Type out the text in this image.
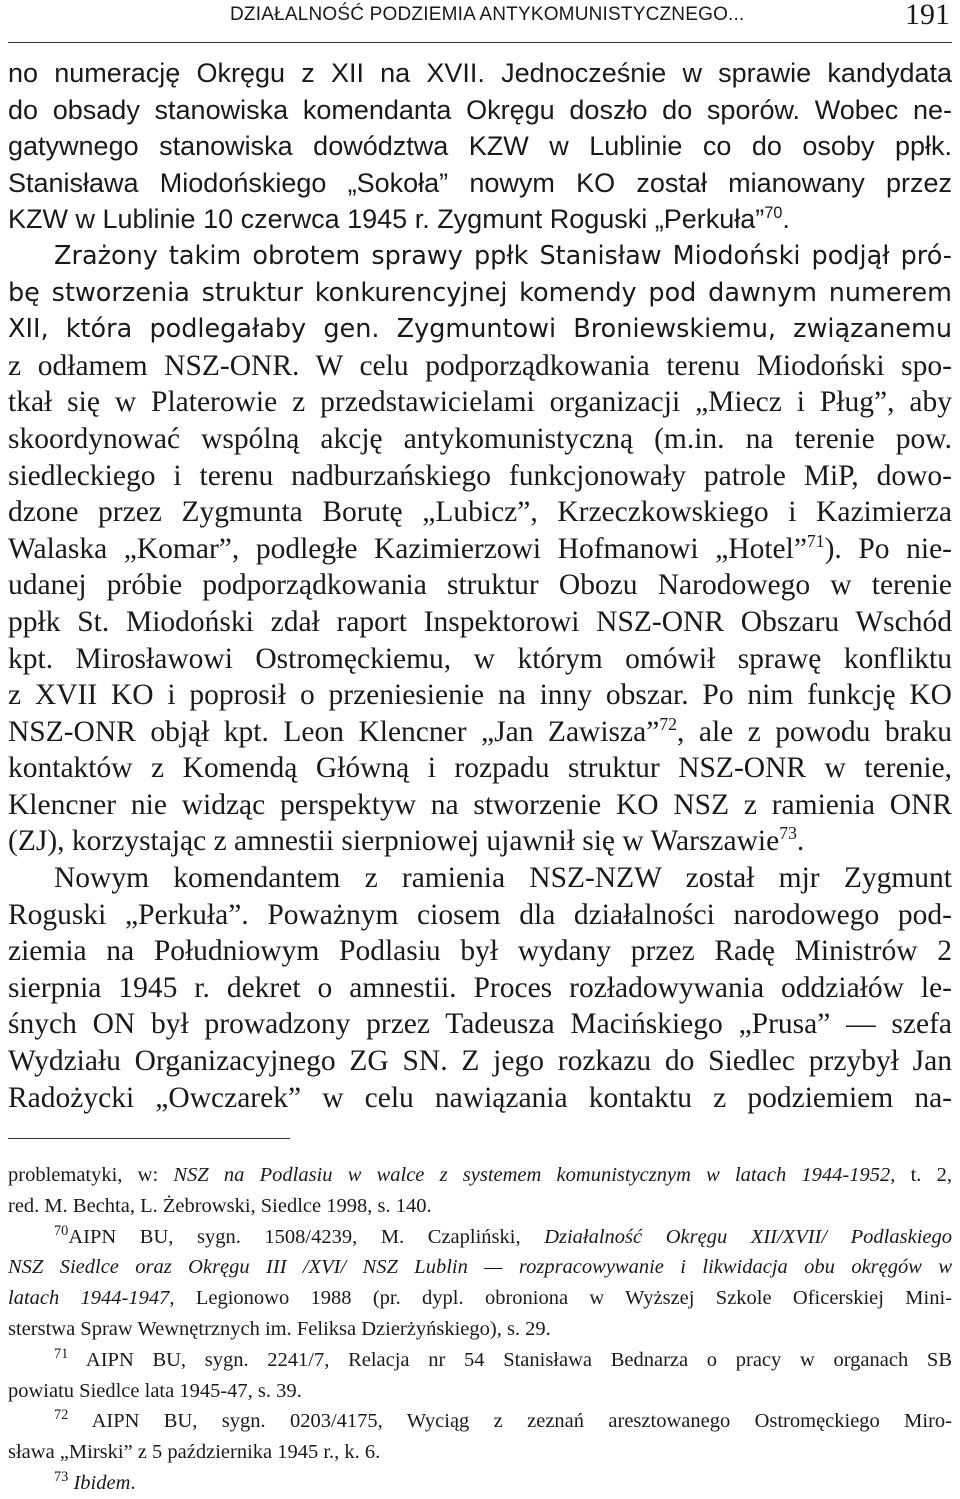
DZIAŁALNOŚĆ PODZIEMIA ANTYKOMUNISTYCZNEGO...	191

no numerację Okręgu z XII na XVII. Jednocześnie w sprawie kandydata

do obsady stanowiska komendanta Okręgu doszło do sporów. Wobec ne-

gatywnego stanowiska dowództwa KZW w Lublinie co do osoby ppłk.

Stanisława Miodońskiego „Sokoła” nowym KO został mianowany przez

KZW w Lublinie 10 czerwca 1945 r. Zygmunt Roguski „Perkuła”$^{70}$.

Zrażony takim obrotem sprawy ppłk Stanisław Miodoński podjął pró-

bę stworzenia struktur konkurencyjnej komendy pod dawnym numerem

XII, która podlegałaby gen. Zygmuntowi Broniewskiemu, związanemu

z odłamem NSZ-ONR. W celu podporządkowania terenu Miodoński spo-

tkał się w Platerowie z przedstawicielami organizacji „Miecz i Pług”, aby

skoordynować wspólną akcję antykomunistyczną (m.in. na terenie pow.

siedleckiego i terenu nadburzańskiego funkcjonowały patrole MiP, dowo-

dzone przez Zygmunta Borutę „Lubicz”, Krzeczkowskiego i Kazimierza

Walaska „Komar”, podległe Kazimierzowi Hofmanowi „Hotel”$^{71}$). Po nie-

udanej próbie podporządkowania struktur Obozu Narodowego w terenie

ppłk St. Miodoński zdał raport Inspektorowi NSZ-ONR Obszaru Wschód

kpt. Mirosławowi Ostromęckiemu, w którym omówił sprawę konfliktu

z XVII KO i poprosił o przeniesienie na inny obszar. Po nim funkcję KO

NSZ-ONR objął kpt. Leon Klencner „Jan Zawisza”$^{72}$, ale z powodu braku

kontaktów z Komendą Główną i rozpadu struktur NSZ-ONR w terenie,

Klencner nie widząc perspektyw na stworzenie KO NSZ z ramienia ONR

(ZJ), korzystając z amnestii sierpniowej ujawnił się w Warszawie$^{73}$.

Nowym komendantem z ramienia NSZ-NZW został mjr Zygmunt

Roguski „Perkuła”. Poważnym ciosem dla działalności narodowego pod-

ziemia na Południowym Podlasiu był wydany przez Radę Ministrów 2

sierpnia 1945 r. dekret o amnestii. Proces rozładowywania oddziałów le-

śnych ON był prowadzony przez Tadeusza Macińskiego „Prusa” — szefa

Wydziału Organizacyjnego ZG SN. Z jego rozkazu do Siedlec przybył Jan

Radożycki „Owczarek” w celu nawiązania kontaktu z podziemiem na-

problematyki, w: NSZ na Podlasiu w walce z systemem komunistycznym w latach 1944-1952, t. 2,

red. M. Bechta, L. Żebrowski, Siedlce 1998, s. 140.

$^{70}$AIPN BU, sygn. 1508/4239, M. Czapliński, Działalność Okręgu XII/XVII/ Podlaskiego

NSZ Siedlce oraz Okręgu III /XVI/ NSZ Lublin — rozpracowywanie i likwidacja obu okręgów w

latach 1944-1947, Legionowo 1988 (pr. dypl. obroniona w Wyższej Szkole Oficerskiej Mini-

sterstwa Spraw Wewnętrznych im. Feliksa Dzierżyńskiego), s. 29.

$^{71}$ AIPN BU, sygn. 2241/7, Relacja nr 54 Stanisława Bednarza o pracy w organach SB

powiatu Siedlce lata 1945-47, s. 39.

$^{72}$ AIPN BU, sygn. 0203/4175, Wyciąg z zeznań aresztowanego Ostromęckiego Miro-

sława „Mirski” z 5 października 1945 r., k. 6.

$^{73}$ Ibidem.
